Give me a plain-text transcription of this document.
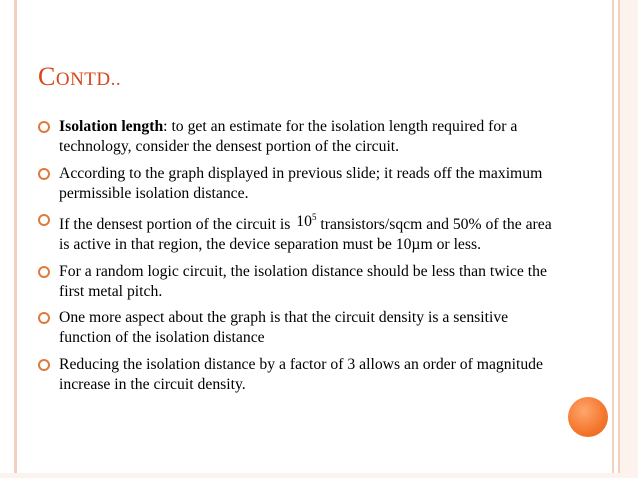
CONTD..
Isolation length: to get an estimate for the isolation length required for a technology, consider the densest portion of the circuit.
According to the graph displayed in previous slide; it reads off the maximum permissible isolation distance.
If the densest portion of the circuit is $10^5$ transistors/sqcm and 50% of the area is active in that region, the device separation must be 10µm or less.
For a random logic circuit, the isolation distance should be less than twice the first metal pitch.
One more aspect about the graph is that the circuit density is a sensitive function of the isolation distance
Reducing the isolation distance by a factor of 3 allows an order of magnitude increase in the circuit density.
